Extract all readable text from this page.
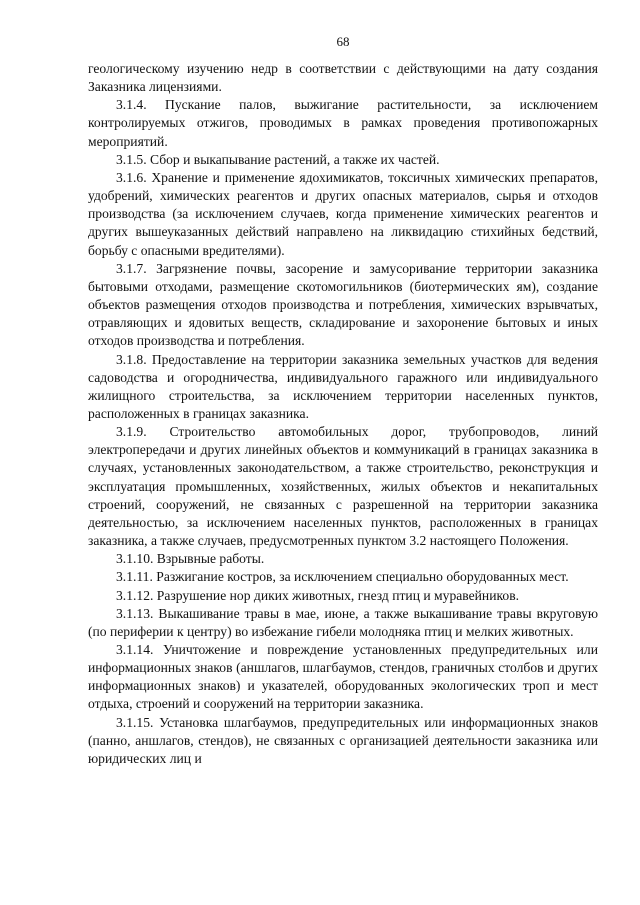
68

геологическому изучению недр в соответствии с действующими на дату создания Заказника лицензиями.

3.1.4. Пускание палов, выжигание растительности, за исключением контролируемых отжигов, проводимых в рамках проведения противопожарных мероприятий.

3.1.5. Сбор и выкапывание растений, а также их частей.

3.1.6. Хранение и применение ядохимикатов, токсичных химических препаратов, удобрений, химических реагентов и других опасных материалов, сырья и отходов производства (за исключением случаев, когда применение химических реагентов и других вышеуказанных действий направлено на ликвидацию стихийных бедствий, борьбу с опасными вредителями).

3.1.7. Загрязнение почвы, засорение и замусоривание территории заказника бытовыми отходами, размещение скотомогильников (биотермических ям), создание объектов размещения отходов производства и потребления, химических взрывчатых, отравляющих и ядовитых веществ, складирование и захоронение бытовых и иных отходов производства и потребления.

3.1.8. Предоставление на территории заказника земельных участков для ведения садоводства и огородничества, индивидуального гаражного или индивидуального жилищного строительства, за исключением территории населенных пунктов, расположенных в границах заказника.

3.1.9. Строительство автомобильных дорог, трубопроводов, линий электропередачи и других линейных объектов и коммуникаций в границах заказника в случаях, установленных законодательством, а также строительство, реконструкция и эксплуатация промышленных, хозяйственных, жилых объектов и некапитальных строений, сооружений, не связанных с разрешенной на территории заказника деятельностью, за исключением населенных пунктов, расположенных в границах заказника, а также случаев, предусмотренных пунктом 3.2 настоящего Положения.

3.1.10. Взрывные работы.

3.1.11. Разжигание костров, за исключением специально оборудованных мест.

3.1.12. Разрушение нор диких животных, гнезд птиц и муравейников.

3.1.13. Выкашивание травы в мае, июне, а также выкашивание травы вкруговую (по периферии к центру) во избежание гибели молодняка птиц и мелких животных.

3.1.14. Уничтожение и повреждение установленных предупредительных или информационных знаков (аншлагов, шлагбаумов, стендов, граничных столбов и других информационных знаков) и указателей, оборудованных экологических троп и мест отдыха, строений и сооружений на территории заказника.

3.1.15. Установка шлагбаумов, предупредительных или информационных знаков (панно, аншлагов, стендов), не связанных с организацией деятельности заказника или юридических лиц и
